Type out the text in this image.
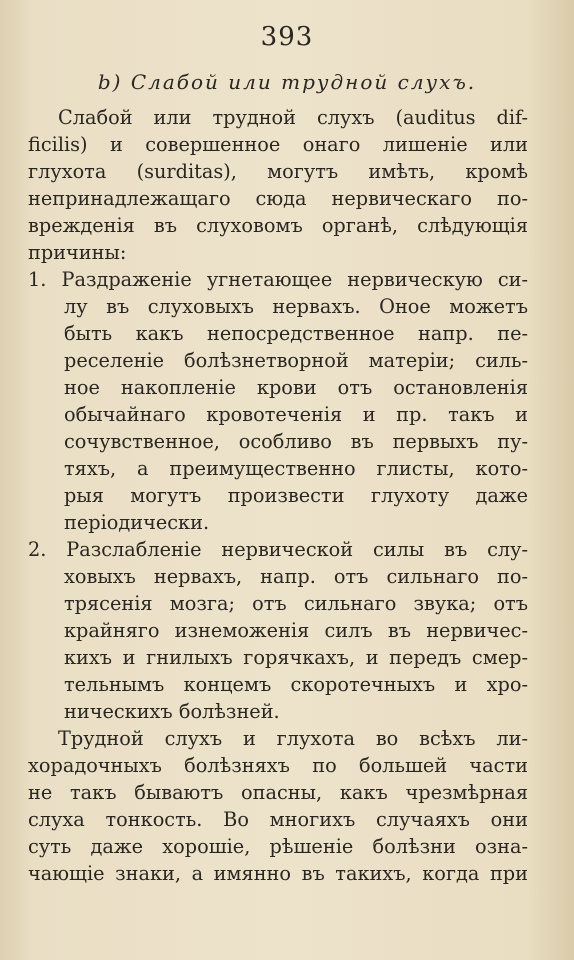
393
b) Слабой или трудной слухъ.
Слабой или трудной слухъ (auditus dif-
ficilis) и совершенное онаго лишеніе или
глухота (surditas), могутъ имѣть, кромѣ
непринадлежащаго сюда нервическаго по-
врежденія въ слуховомъ органѣ, слѣдующія
причины:
1. Раздраженіе угнетающее нервическую си-
лу въ слуховыхъ нервахъ. Оное можетъ
быть какъ непосредственное напр. пе-
реселеніе болѣзнетворной матеріи; силь-
ное накопленіе крови отъ остановленія
обычайнаго кровотеченія и пр. такъ и
сочувственное, особливо въ первыхъ пу-
тяхъ, а преимущественно глисты, кото-
рыя могутъ произвести глухоту даже
періодически.
2. Разслабленіе нервической силы въ слу-
ховыхъ нервахъ, напр. отъ сильнаго по-
трясенія мозга; отъ сильнаго звука; отъ
крайняго изнеможенія силъ въ нервичес-
кихъ и гнилыхъ горячкахъ, и передъ смер-
тельнымъ концемъ скоротечныхъ и хро-
ническихъ болѣзней.
Трудной слухъ и глухота во всѣхъ ли-
хорадочныхъ болѣзняхъ по большей части
не такъ бываютъ опасны, какъ чрезмѣрная
слуха тонкость. Во многихъ случаяхъ они
суть даже хорошіе, рѣшеніе болѣзни озна-
чающіе знаки, а имянно въ такихъ, когда при
